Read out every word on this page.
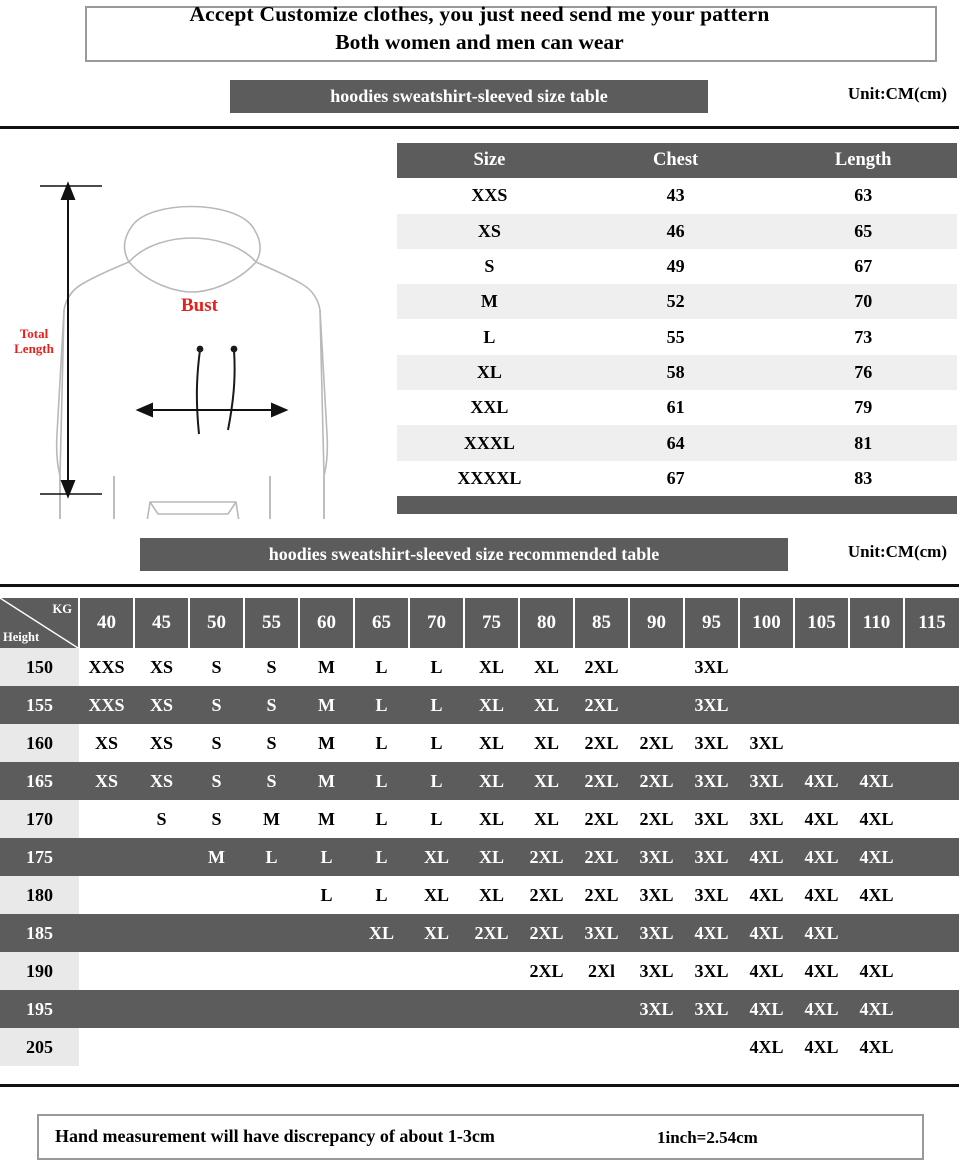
Accept Customize clothes, you just need send me your pattern
Both women and men can wear
hoodies sweatshirt-sleeved size table	Unit:CM(cm)
Bust
Total
Length
Size	Chest	Length
XXS	43	63
XS	46	65
S	49	67
M	52	70
L	55	73
XL	58	76
XXL	61	79
XXXL	64	81
XXXXL	67	83

hoodies sweatshirt-sleeved size recommended table	Unit:CM(cm)
KG
Height	40	45	50	55	60	65	70	75	80	85	90	95	100	105	110	115
150	XXS	XS	S	S	M	L	L	XL	XL	2XL		3XL				
155	XXS	XS	S	S	M	L	L	XL	XL	2XL		3XL				
160	XS	XS	S	S	M	L	L	XL	XL	2XL	2XL	3XL	3XL			
165	XS	XS	S	S	M	L	L	XL	XL	2XL	2XL	3XL	3XL	4XL	4XL	
170		S	S	M	M	L	L	XL	XL	2XL	2XL	3XL	3XL	4XL	4XL	
175			M	L	L	L	XL	XL	2XL	2XL	3XL	3XL	4XL	4XL	4XL	
180					L	L	XL	XL	2XL	2XL	3XL	3XL	4XL	4XL	4XL	
185						XL	XL	2XL	2XL	3XL	3XL	4XL	4XL	4XL		
190									2XL	2Xl	3XL	3XL	4XL	4XL	4XL	
195											3XL	3XL	4XL	4XL	4XL	
205													4XL	4XL	4XL	
Hand measurement will have discrepancy of about 1-3cm	1inch=2.54cm
